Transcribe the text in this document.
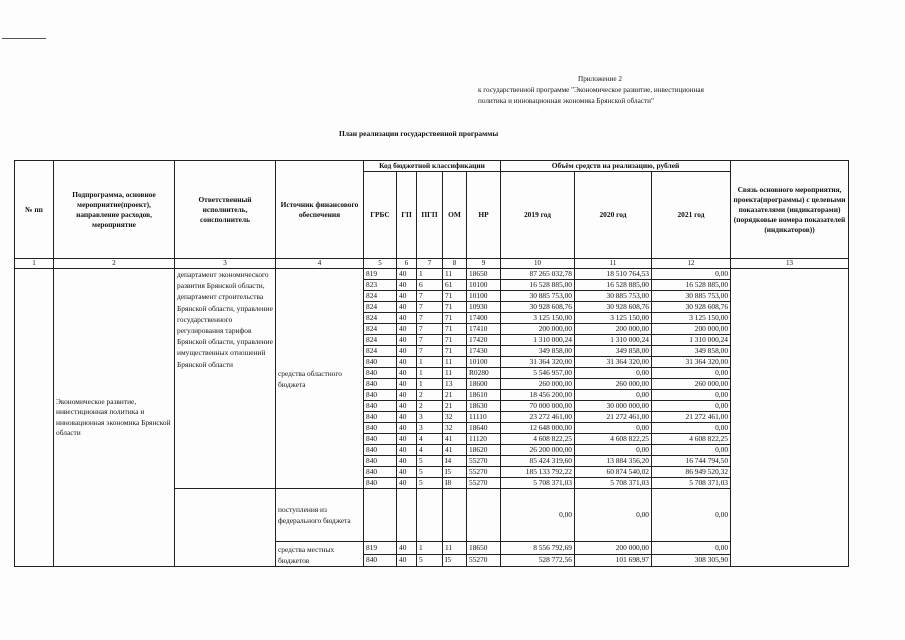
Приложение 2
к государственной программе "Экономическое развитие, инвестиционная
политика и инновационная экономика Брянской области"
План реализации государственной программы
№ пп	Подпрограмма, основное мероприятие(проект), направление расходов, мероприятие	Ответственный исполнитель, соисполнитель	Источник финансового обеспечения	Код бюджетной классификации					Объём средств на реализацию, рублей			Связь основного мероприятия, проекта(программы) с целевыми показателями (индикаторами) (порядковые номера показателей (индикаторов))
				ГРБС	ГП	ПГП	ОМ	НР	2019 год	2020 год	2021 год	
1	2	3	4	5	6	7	8	9	10	11	12	13
	Экономическое развитие, инвестиционная политика и инновационная экономика Брянской области	департамент экономического развития Брянской области, департамент строительства Брянской области, управление государственного регулирования тарифов Брянской области, управление имущественных отношений Брянской области	средства областного бюджета	819	40	1	11	18650	87 265 032,78	18 510 764,53	0,00	
				823	40	6	61	10100	16 528 885,00	16 528 885,00	16 528 885,00	
				824	40	7	71	10100	30 885 753,00	30 885 753,00	30 885 753,00	
				824	40	7	71	10930	30 928 608,76	30 928 608,76	30 928 608,76	
				824	40	7	71	17400	3 125 150,00	3 125 150,00	3 125 150,00	
				824	40	7	71	17410	200 000,00	200 000,00	200 000,00	
				824	40	7	71	17420	1 310 000,24	1 310 000,24	1 310 000,24	
				824	40	7	71	17430	349 858,00	349 858,00	349 858,00	
				840	40	1	11	10100	31 364 320,00	31 364 320,00	31 364 320,00	
				840	40	1	11	R0280	5 546 957,00	0,00	0,00	
				840	40	1	13	18600	260 000,00	260 000,00	260 000,00	
				840	40	2	21	18610	18 456 200,00	0,00	0,00	
				840	40	2	21	18630	70 000 000,00	30 000 000,00	0,00	
				840	40	3	32	11110	23 272 461,00	21 272 461,00	21 272 461,00	
				840	40	3	32	18640	12 648 000,00	0,00	0,00	
				840	40	4	41	11120	4 608 822,25	4 608 822,25	4 608 822,25	
				840	40	4	41	18620	26 200 000,00	0,00	0,00	
				840	40	5	I4	55270	85 424 319,60	13 884 356,20	16 744 794,50	
				840	40	5	I5	55270	185 133 792,22	60 874 540,02	86 949 520,32	
				840	40	5	I8	55270	5 708 371,03	5 708 371,03	5 708 371,03	
			поступления из федерального бюджета						0,00	0,00	0,00	
			средства местных бюджетов	819	40	1	11	18650	8 556 792,69	200 000,00	0,00	
				840	40	5	I5	55270	528 772,56	101 698,97	308 305,90	
